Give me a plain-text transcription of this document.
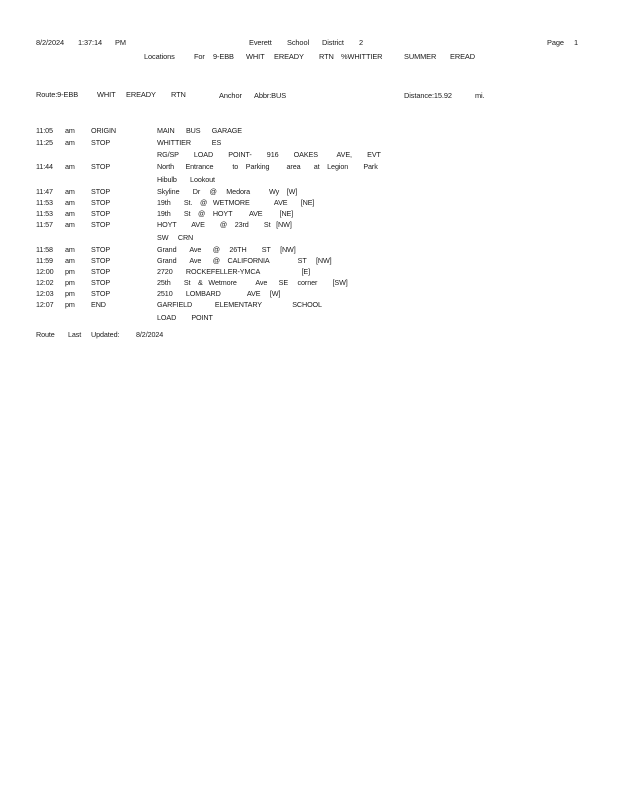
8/2/2024 1:37:14 PM	Everett School District 2	Page 1
Locations	For 9-EBB WHIT EREADY RTN %WHITTIER	SUMMER EREAD
Route:9-EBB	WHIT EREADY RTN	Anchor Abbr:BUS	Distance:15.92	mi.
11:05 am ORIGIN	MAIN      BUS      GARAGE
11:25 am STOP	WHITTIER           ES
RG/SP        LOAD        POINT-        916        OAKES          AVE,        EVT
11:44 am STOP	North      Entrance          to    Parking         area       at    Legion        Park
Hibulb       Lookout
11:47 am STOP	Skyline       Dr     @     Medora          Wy    [W]
11:53 am STOP	19th       St.    @   WETMORE             AVE       [NE]
11:53 am STOP	19th       St    @    HOYT         AVE         [NE]
11:57 am STOP	HOYT        AVE        @    23rd        St   [NW]
SW     CRN
11:58 am STOP	Grand       Ave      @     26TH        ST     [NW]
11:59 am STOP	Grand       Ave      @    CALIFORNIA               ST     [NW]
12:00 pm STOP	2720       ROCKEFELLER-YMCA                      [E]
12:02 pm STOP	25th       St    &   Wetmore          Ave      SE     corner        [SW]
12:03 pm STOP	2510       LOMBARD              AVE     [W]
12:07 pm END	GARFIELD            ELEMENTARY                SCHOOL
LOAD        POINT
Route Last Updated: 8/2/2024
